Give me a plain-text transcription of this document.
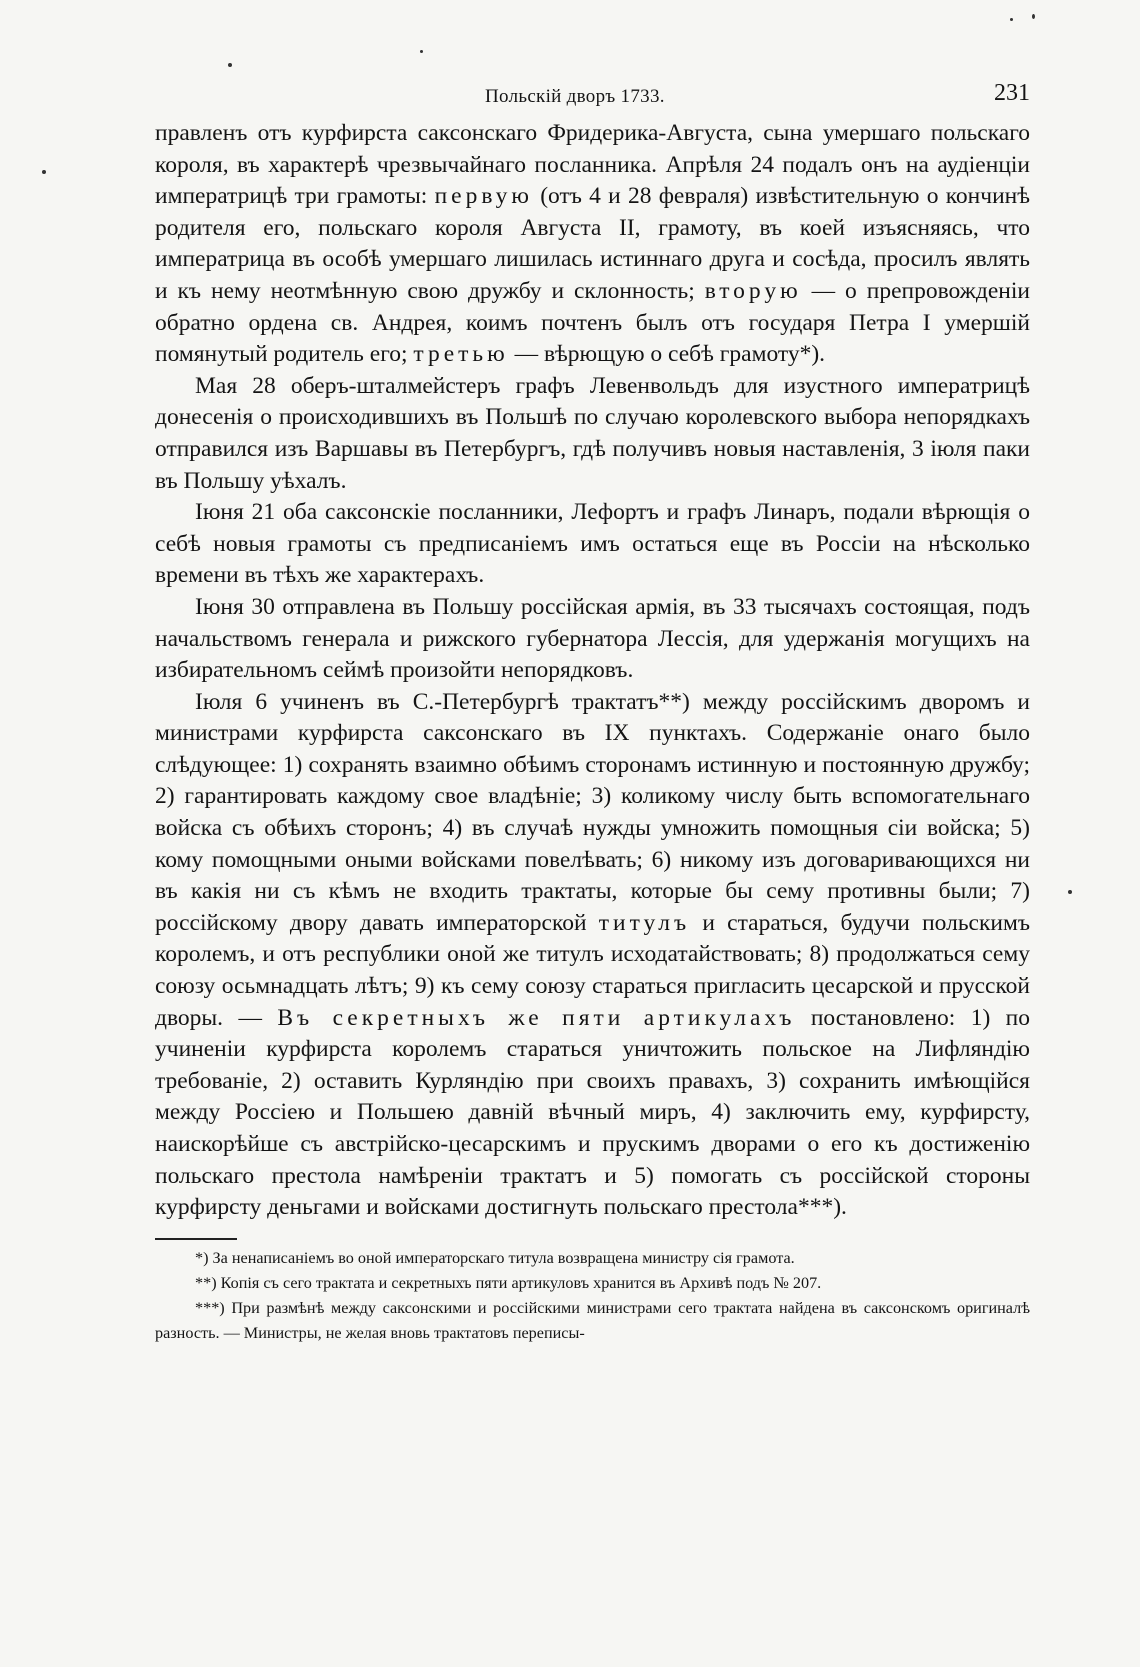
Польскій дворъ 1733.	231

правленъ отъ курфирста саксонскаго Фридерика-Августа, сына умершаго польскаго короля, въ характерѣ чрезвычайнаго посланника. Апрѣля 24 подалъ онъ на аудіенціи императрицѣ три грамоты: первую (отъ 4 и 28 февраля) извѣстительную о кончинѣ родителя его, польскаго короля Августа II, грамоту, въ коей изъясняясь, что императрица въ особѣ умершаго лишилась истиннаго друга и сосѣда, просилъ являть и къ нему неотмѣнную свою дружбу и склонность; вторую — о препровожденіи обратно ордена св. Андрея, коимъ почтенъ былъ отъ государя Петра I умершій помянутый родитель его; третью — вѣрющую о себѣ грамоту*).

Мая 28 оберъ-шталмейстеръ графъ Левенвольдъ для изустного императрицѣ донесенія о происходившихъ въ Польшѣ по случаю королевского выбора непорядкахъ отправился изъ Варшавы въ Петербургъ, гдѣ получивъ новыя наставленія, 3 іюля паки въ Польшу уѣхалъ.

Іюня 21 оба саксонскіе посланники, Лефортъ и графъ Линаръ, подали вѣрющія о себѣ новыя грамоты съ предписаніемъ имъ остаться еще въ Россіи на нѣсколько времени въ тѣхъ же характерахъ.

Іюня 30 отправлена въ Польшу россійская армія, въ 33 тысячахъ состоящая, подъ начальствомъ генерала и рижского губернатора Лессія, для удержанія могущихъ на избирательномъ сеймѣ произойти непорядковъ.

Іюля 6 учиненъ въ С.-Петербургѣ трактатъ**) между россійскимъ дворомъ и министрами курфирста саксонскаго въ IX пунктахъ. Содержаніе онаго было слѣдующее: 1) сохранять взаимно обѣимъ сторонамъ истинную и постоянную дружбу; 2) гарантировать каждому свое владѣніе; 3) коликому числу быть вспомогательнаго войска съ обѣихъ сторонъ; 4) въ случаѣ нужды умножить помощныя сіи войска; 5) кому помощными оными войсками повелѣвать; 6) никому изъ договаривающихся ни въ какія ни съ кѣмъ не входить трактаты, которые бы сему противны были; 7) россійскому двору давать императорской титулъ и стараться, будучи польскимъ королемъ, и отъ республики оной же титулъ исходатайствовать; 8) продолжаться сему союзу осьмнадцать лѣтъ; 9) къ сему союзу стараться пригласить цесарской и прусской дворы. — Въ секретныхъ же пяти артикулахъ постановлено: 1) по учиненіи курфирста королемъ стараться уничтожить польское на Лифляндію требованіе, 2) оставить Курляндію при своихъ правахъ, 3) сохранить имѣющійся между Россіею и Польшею давній вѣчный миръ, 4) заключить ему, курфирсту, наискорѣйше съ австрійско-цесарскимъ и прускимъ дворами о его къ достиженію польскаго престола намѣреніи трактатъ и 5) помогать съ россійской стороны курфирсту деньгами и войсками достигнуть польскаго престола***).

*) За ненаписаніемъ во оной императорскаго титула возвращена министру сія грамота.

**) Копія съ сего трактата и секретныхъ пяти артикуловъ хранится въ Архивѣ подъ № 207.

***) При размѣнѣ между саксонскими и россійскими министрами сего трактата найдена въ саксонскомъ оригиналѣ разность. — Министры, не желая вновь трактатовъ переписы-
